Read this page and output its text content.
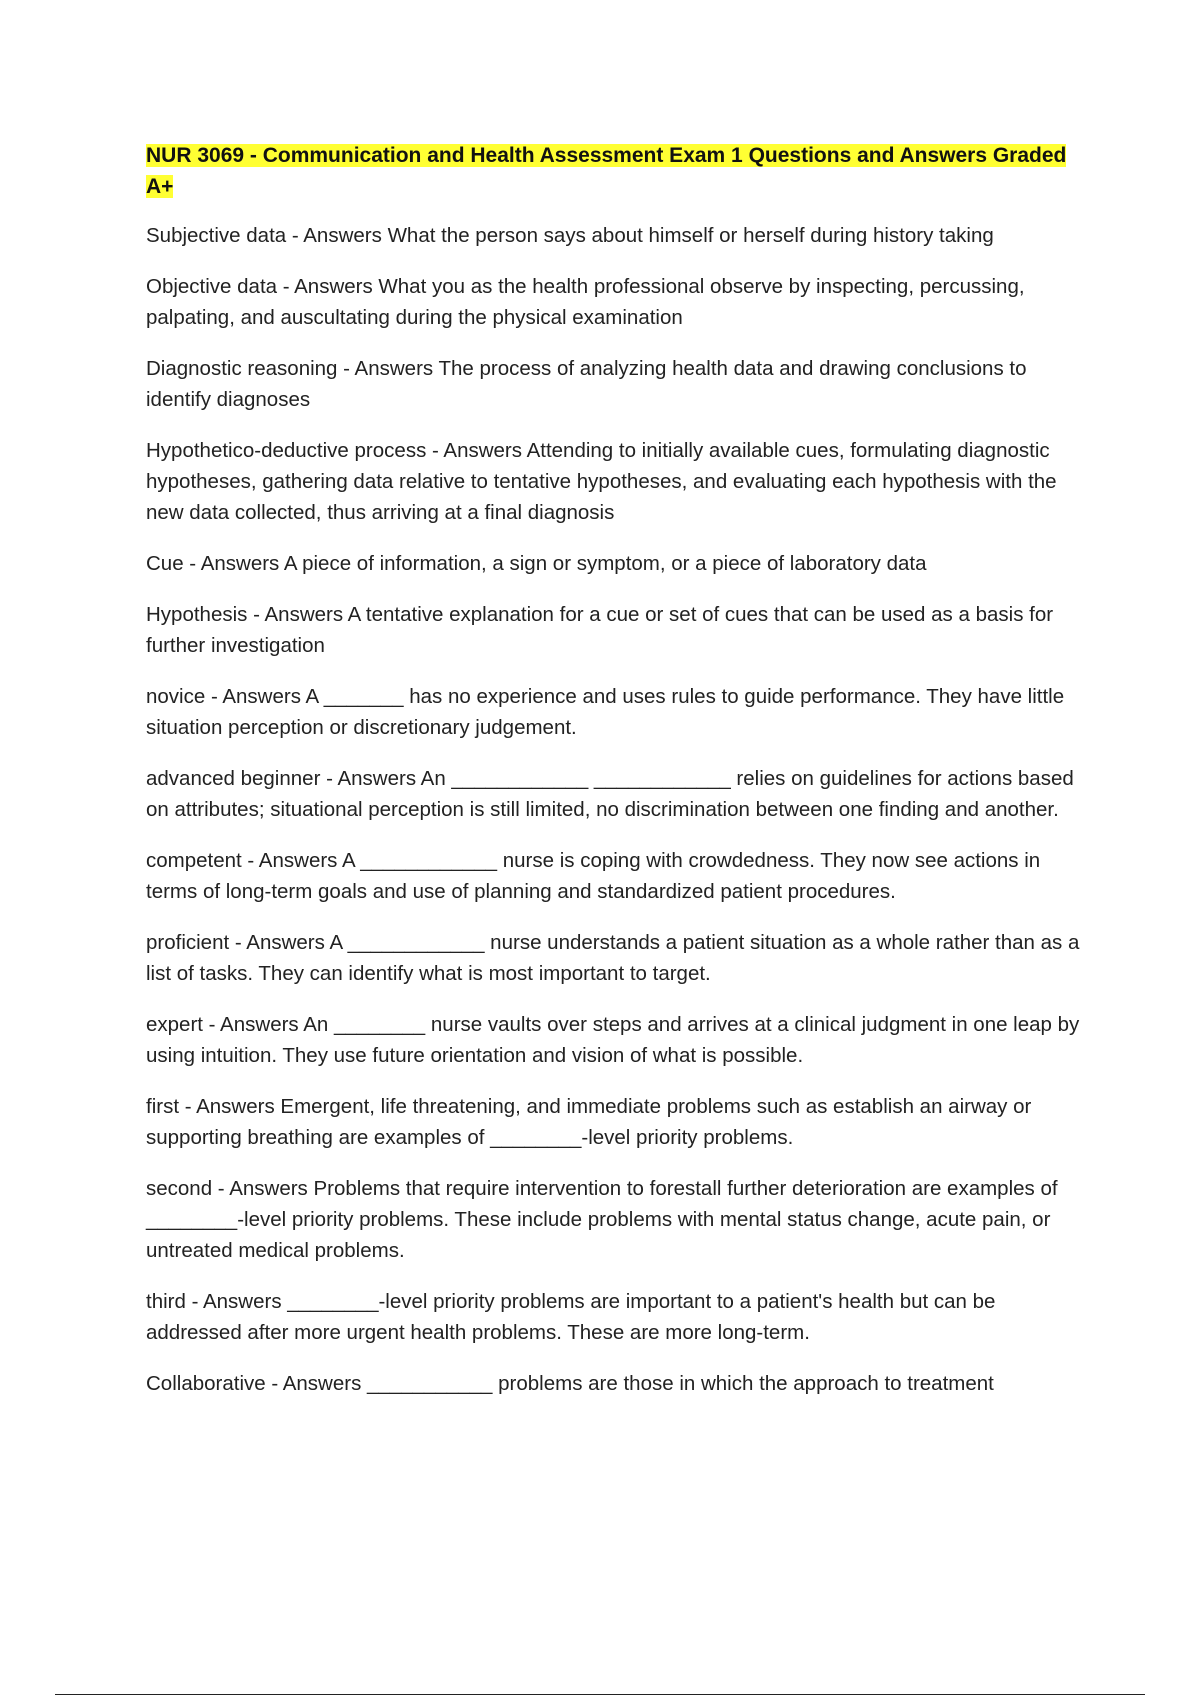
NUR 3069 - Communication and Health Assessment Exam 1 Questions and Answers Graded A+

Subjective data - Answers What the person says about himself or herself during history taking

Objective data - Answers What you as the health professional observe by inspecting, percussing, palpating, and auscultating during the physical examination

Diagnostic reasoning - Answers The process of analyzing health data and drawing conclusions to identify diagnoses

Hypothetico-deductive process - Answers Attending to initially available cues, formulating diagnostic hypotheses, gathering data relative to tentative hypotheses, and evaluating each hypothesis with the new data collected, thus arriving at a final diagnosis

Cue - Answers A piece of information, a sign or symptom, or a piece of laboratory data

Hypothesis - Answers A tentative explanation for a cue or set of cues that can be used as a basis for further investigation

novice - Answers A _______ has no experience and uses rules to guide performance. They have little situation perception or discretionary judgement.

advanced beginner - Answers An ____________ ____________ relies on guidelines for actions based on attributes; situational perception is still limited, no discrimination between one finding and another.

competent - Answers A ____________ nurse is coping with crowdedness. They now see actions in terms of long-term goals and use of planning and standardized patient procedures.

proficient - Answers A ____________ nurse understands a patient situation as a whole rather than as a list of tasks. They can identify what is most important to target.

expert - Answers An ________ nurse vaults over steps and arrives at a clinical judgment in one leap by using intuition. They use future orientation and vision of what is possible.

first - Answers Emergent, life threatening, and immediate problems such as establish an airway or supporting breathing are examples of ________-level priority problems.

second - Answers Problems that require intervention to forestall further deterioration are examples of ________-level priority problems. These include problems with mental status change, acute pain, or untreated medical problems.

third - Answers ________-level priority problems are important to a patient's health but can be addressed after more urgent health problems. These are more long-term.

Collaborative - Answers ___________ problems are those in which the approach to treatment
